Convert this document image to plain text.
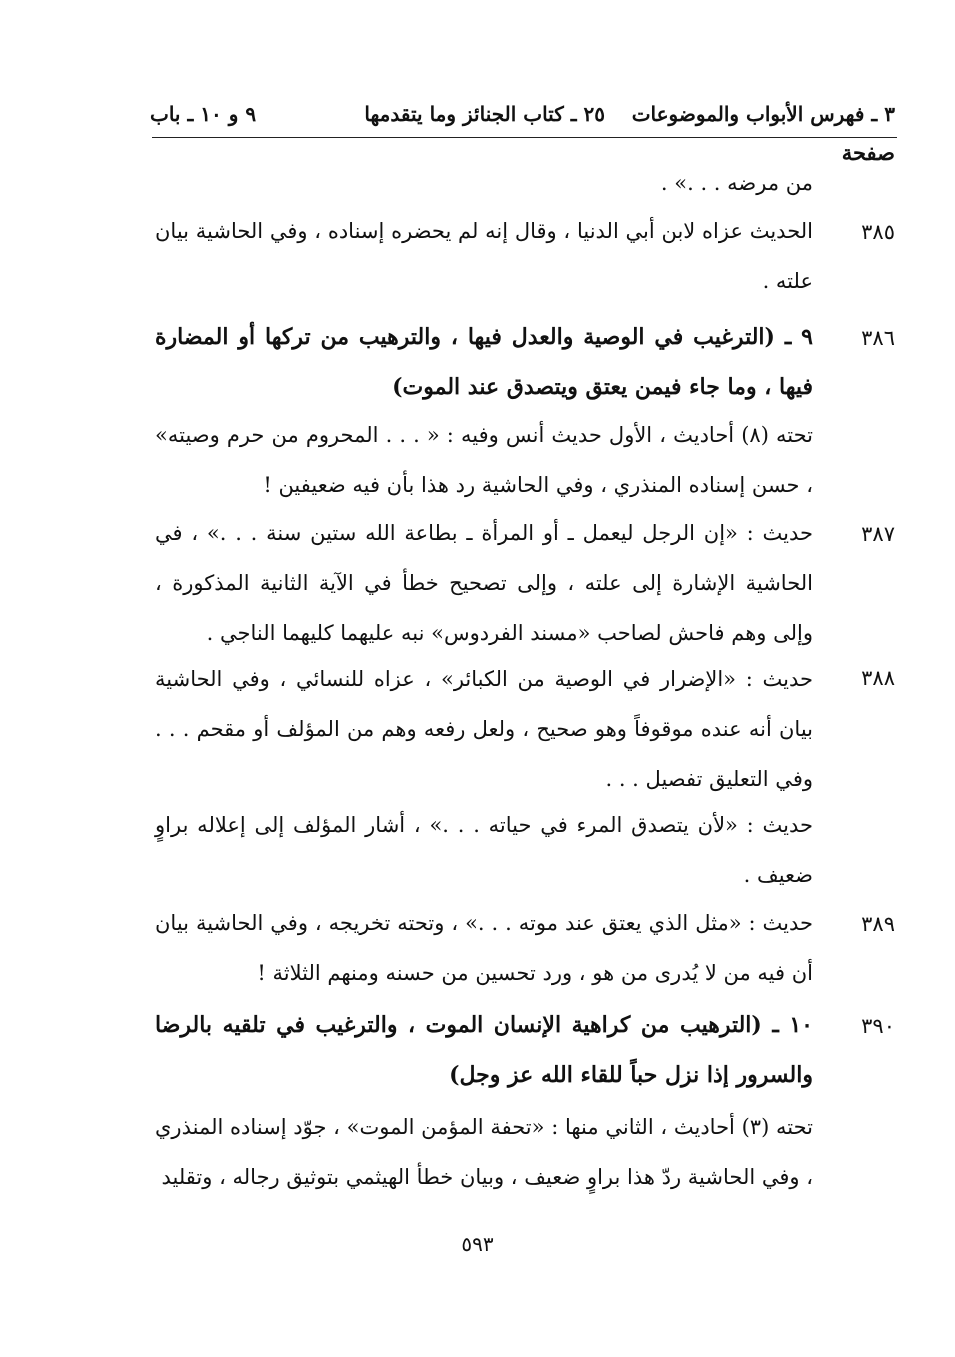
٣ ـ فهرس الأبواب والموضوعات
٢٥ ـ كتاب الجنائز وما يتقدمها
٩ و ١٠ ـ باب
صفحة
من مرضه . . .» .
٣٨٥
الحديث عزاه لابن أبي الدنيا ، وقال إنه لم يحضره إسناده ، وفي الحاشية بيان علته .
٣٨٦
٩ ـ (الترغيب في الوصية والعدل فيها ، والترهيب من تركها أو المضارة فيها ، وما جاء فيمن يعتق ويتصدق عند الموت)
تحته (٨) أحاديث ، الأول حديث أنس وفيه : « . . . المحروم من حرم وصيته» ، حسن إسناده المنذري ، وفي الحاشية رد هذا بأن فيه ضعيفين !
٣٨٧
حديث : «إن الرجل ليعمل ـ أو المرأة ـ بطاعة الله ستين سنة . . .» ، في الحاشية الإشارة إلى علته ، وإلى تصحيح خطأ في الآية الثانية المذكورة ، وإلى وهم فاحش لصاحب «مسند الفردوس» نبه عليهما كليهما الناجي .
٣٨٨
حديث : «الإضرار في الوصية من الكبائر» ، عزاه للنسائي ، وفي الحاشية بيان أنه عنده موقوفاً وهو صحيح ، ولعل رفعه وهم من المؤلف أو مقحم . . . وفي التعليق تفصيل . . .
حديث : «لأن يتصدق المرء في حياته . . .» ، أشار المؤلف إلى إعلاله براوٍ ضعيف .
٣٨٩
حديث : «مثل الذي يعتق عند موته . . .» ، وتحته تخريجه ، وفي الحاشية بيان أن فيه من لا يُدرى من هو ، ورد تحسين من حسنه ومنهم الثلاثة !
٣٩٠
١٠ ـ (الترهيب من كراهية الإنسان الموت ، والترغيب في تلقيه بالرضا والسرور إذا نزل حباً للقاء الله عز وجل)
تحته (٣) أحاديث ، الثاني منها : «تحفة المؤمن الموت» ، جوّد إسناده المنذري ، وفي الحاشية ردّ هذا براوٍ ضعيف ، وبيان خطأ الهيثمي بتوثيق رجاله ، وتقليد
٥٩٣
